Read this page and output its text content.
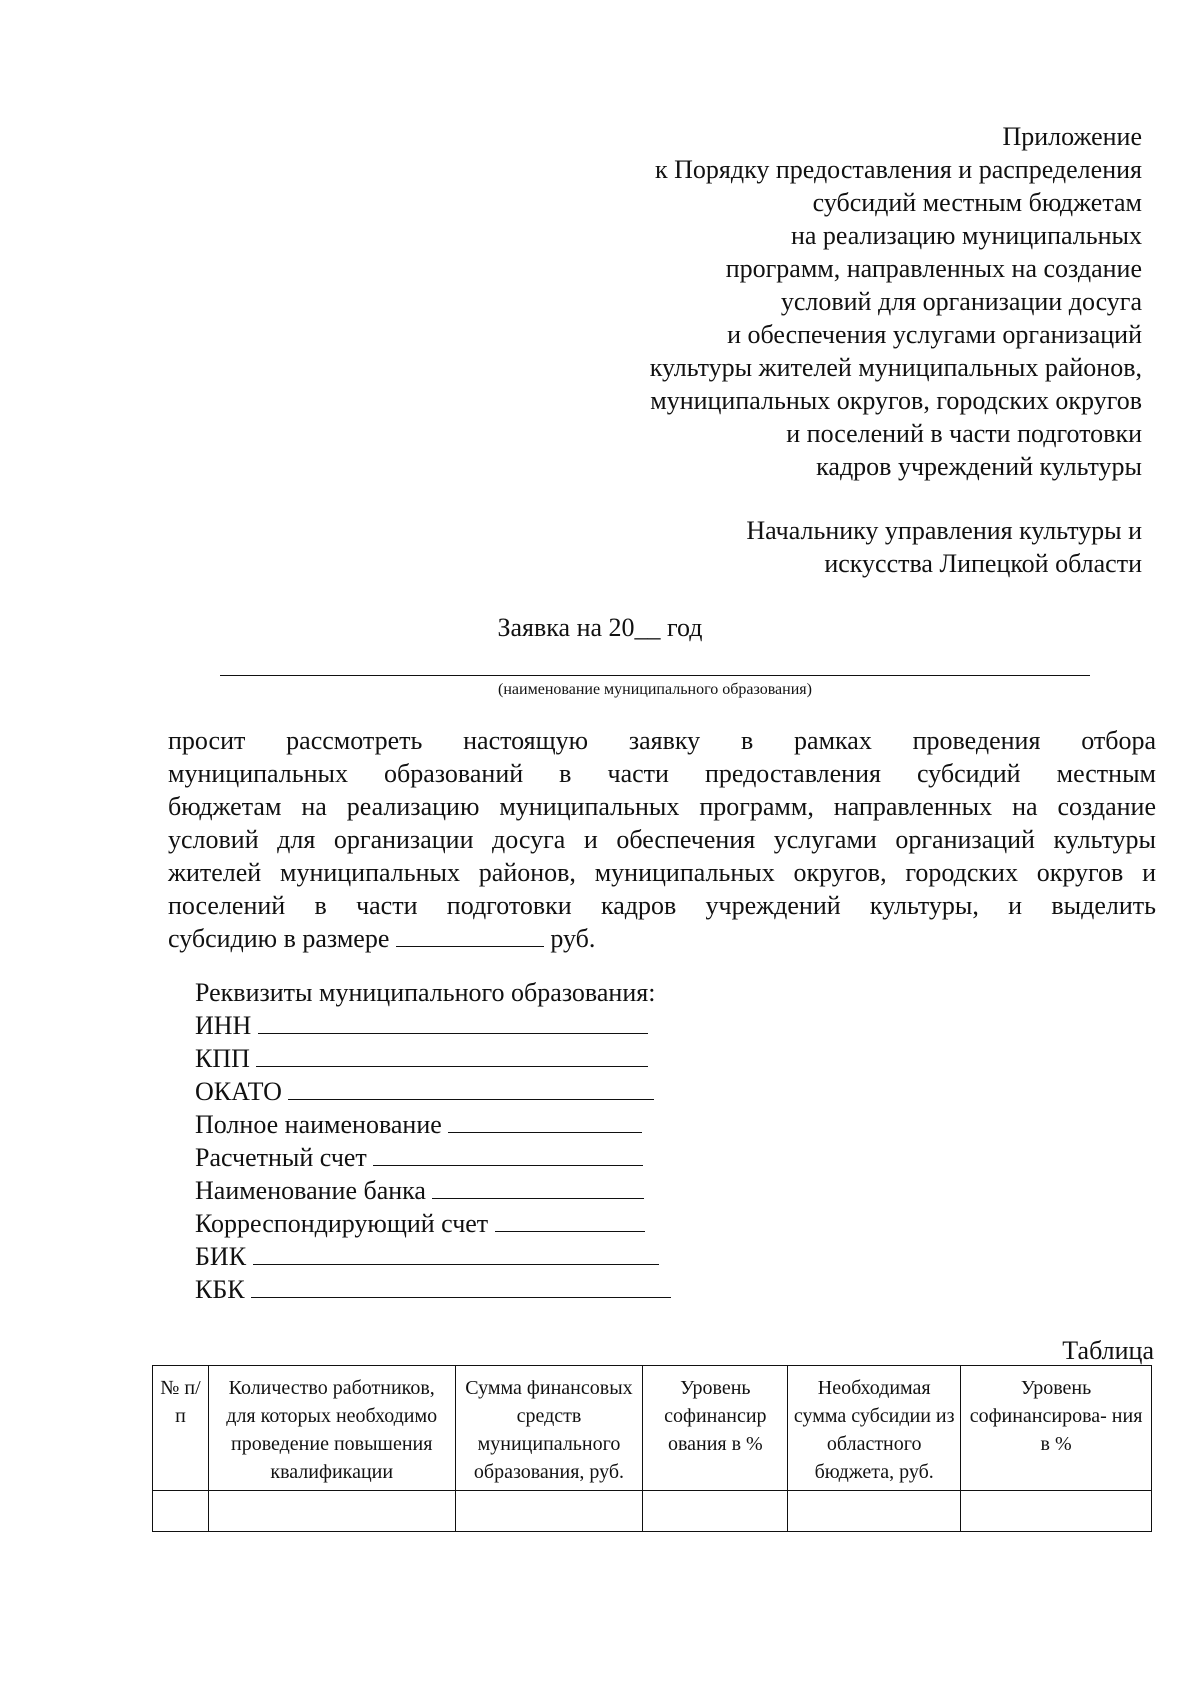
Приложение
к Порядку предоставления и распределения
субсидий местным бюджетам
на реализацию муниципальных
программ, направленных на создание
условий для организации досуга
и обеспечения услугами организаций
культуры жителей муниципальных районов,
муниципальных округов, городских округов
и поселений в части подготовки
кадров учреждений культуры
Начальнику управления культуры и
искусства Липецкой области
Заявка на 20__ год
(наименование муниципального образования)
просит рассмотреть настоящую заявку в рамках проведения отбора
муниципальных образований в части предоставления субсидий местным
бюджетам на реализацию муниципальных программ, направленных на создание
условий для организации досуга и обеспечения услугами организаций культуры
жителей муниципальных районов, муниципальных округов, городских округов и
поселений в части подготовки кадров учреждений культуры, и выделить
субсидию в размере	руб.
Реквизиты муниципального образования:
ИНН
КПП
ОКАТО
Полное наименование
Расчетный счет
Наименование банка
Корреспондирующий счет
БИК
КБК
Таблица
№ п/п	Количество работников, для которых необходимо проведение повышения квалификации	Сумма финансовых средств муниципального образования, руб.	Уровень софинансир ования в %	Необходимая сумма субсидии из областного бюджета, руб.	Уровень софинансирова- ния в %
